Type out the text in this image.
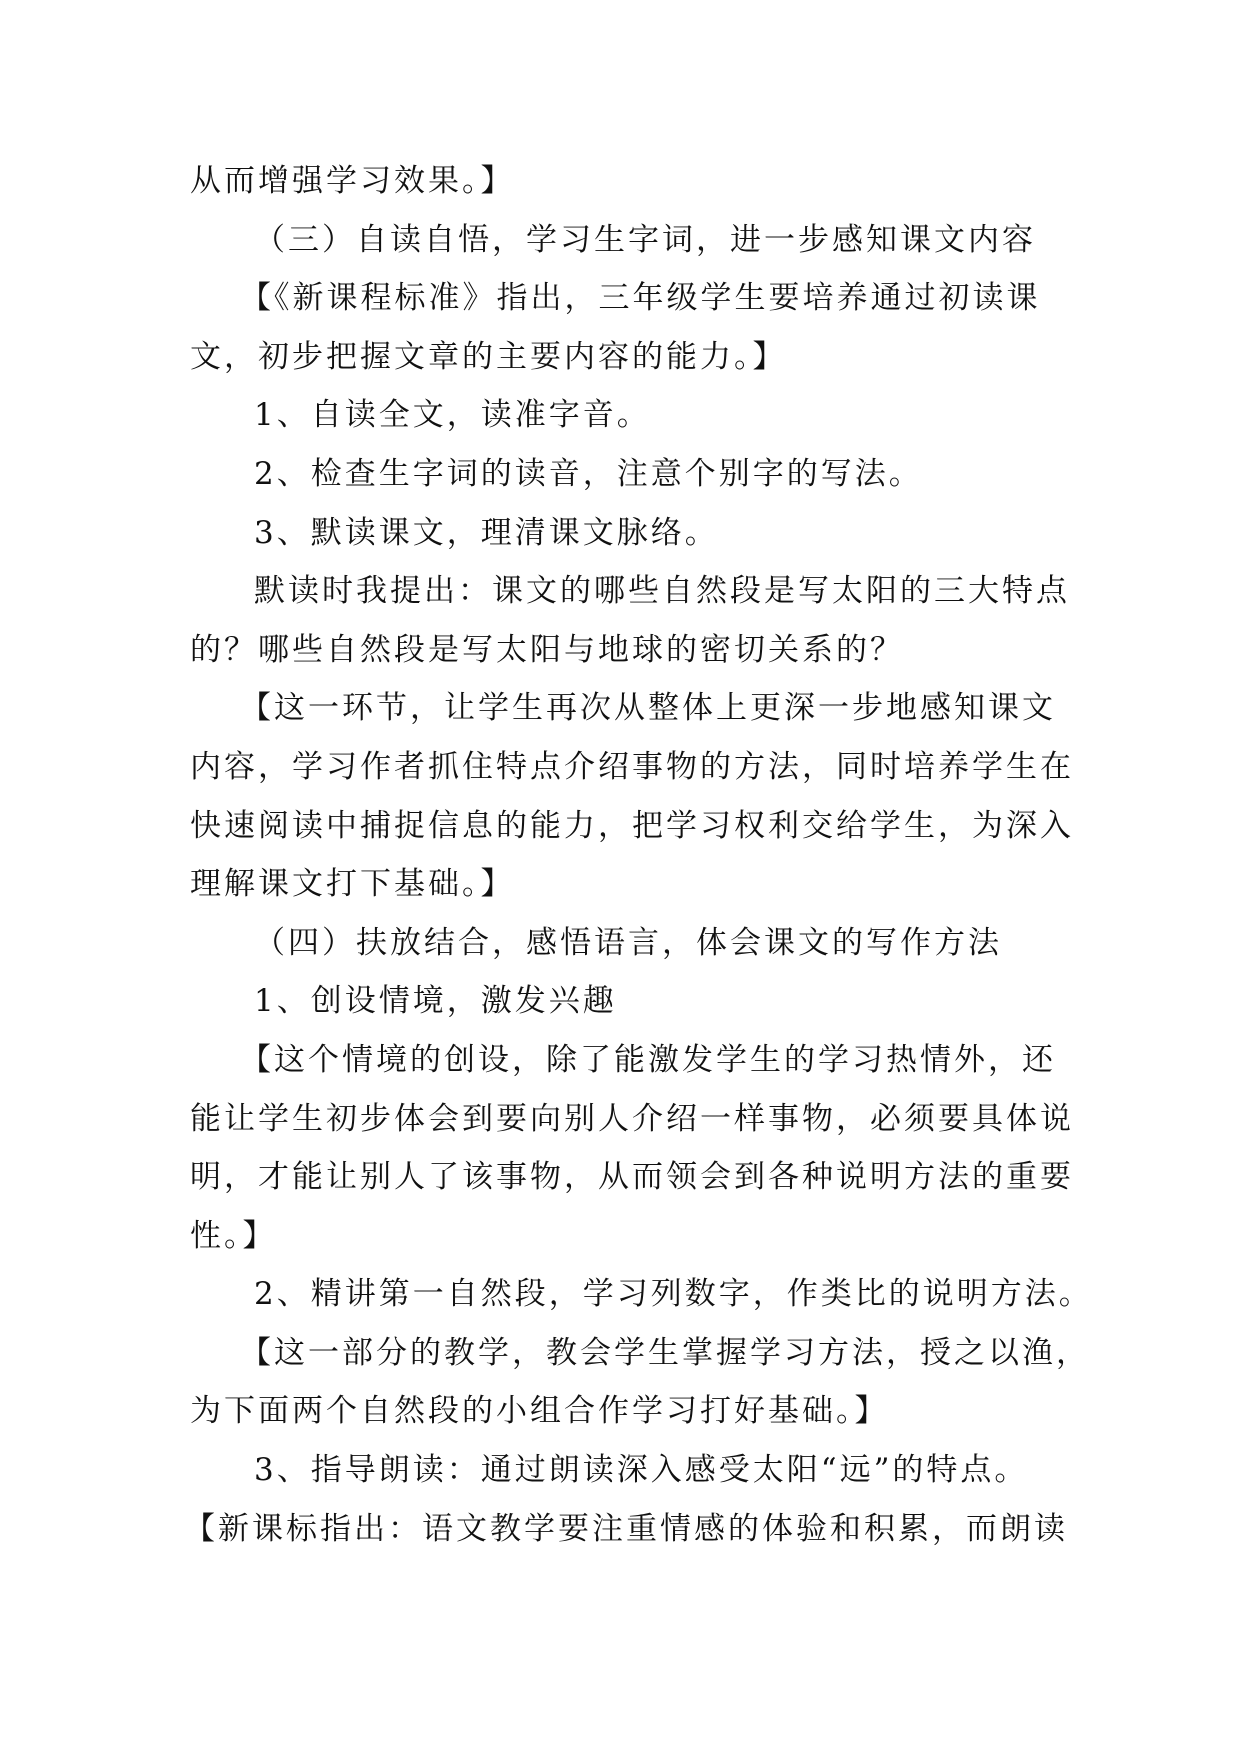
从而增强学习效果。】
（三）自读自悟，学习生字词，进一步感知课文内容
【《新课程标准》指出，三年级学生要培养通过初读课
文，初步把握文章的主要内容的能力。】
1、自读全文，读准字音。
2、检查生字词的读音，注意个别字的写法。
3、默读课文，理清课文脉络。
默读时我提出：课文的哪些自然段是写太阳的三大特点
的？哪些自然段是写太阳与地球的密切关系的？
【这一环节，让学生再次从整体上更深一步地感知课文
内容，学习作者抓住特点介绍事物的方法，同时培养学生在
快速阅读中捕捉信息的能力，把学习权利交给学生，为深入
理解课文打下基础。】
（四）扶放结合，感悟语言，体会课文的写作方法
1、创设情境，激发兴趣
【这个情境的创设，除了能激发学生的学习热情外，还
能让学生初步体会到要向别人介绍一样事物，必须要具体说
明，才能让别人了该事物，从而领会到各种说明方法的重要
性。】
2、精讲第一自然段，学习列数字，作类比的说明方法。
【这一部分的教学，教会学生掌握学习方法，授之以渔，
为下面两个自然段的小组合作学习打好基础。】
3、指导朗读：通过朗读深入感受太阳“远”的特点。
【新课标指出：语文教学要注重情感的体验和积累，而朗读
